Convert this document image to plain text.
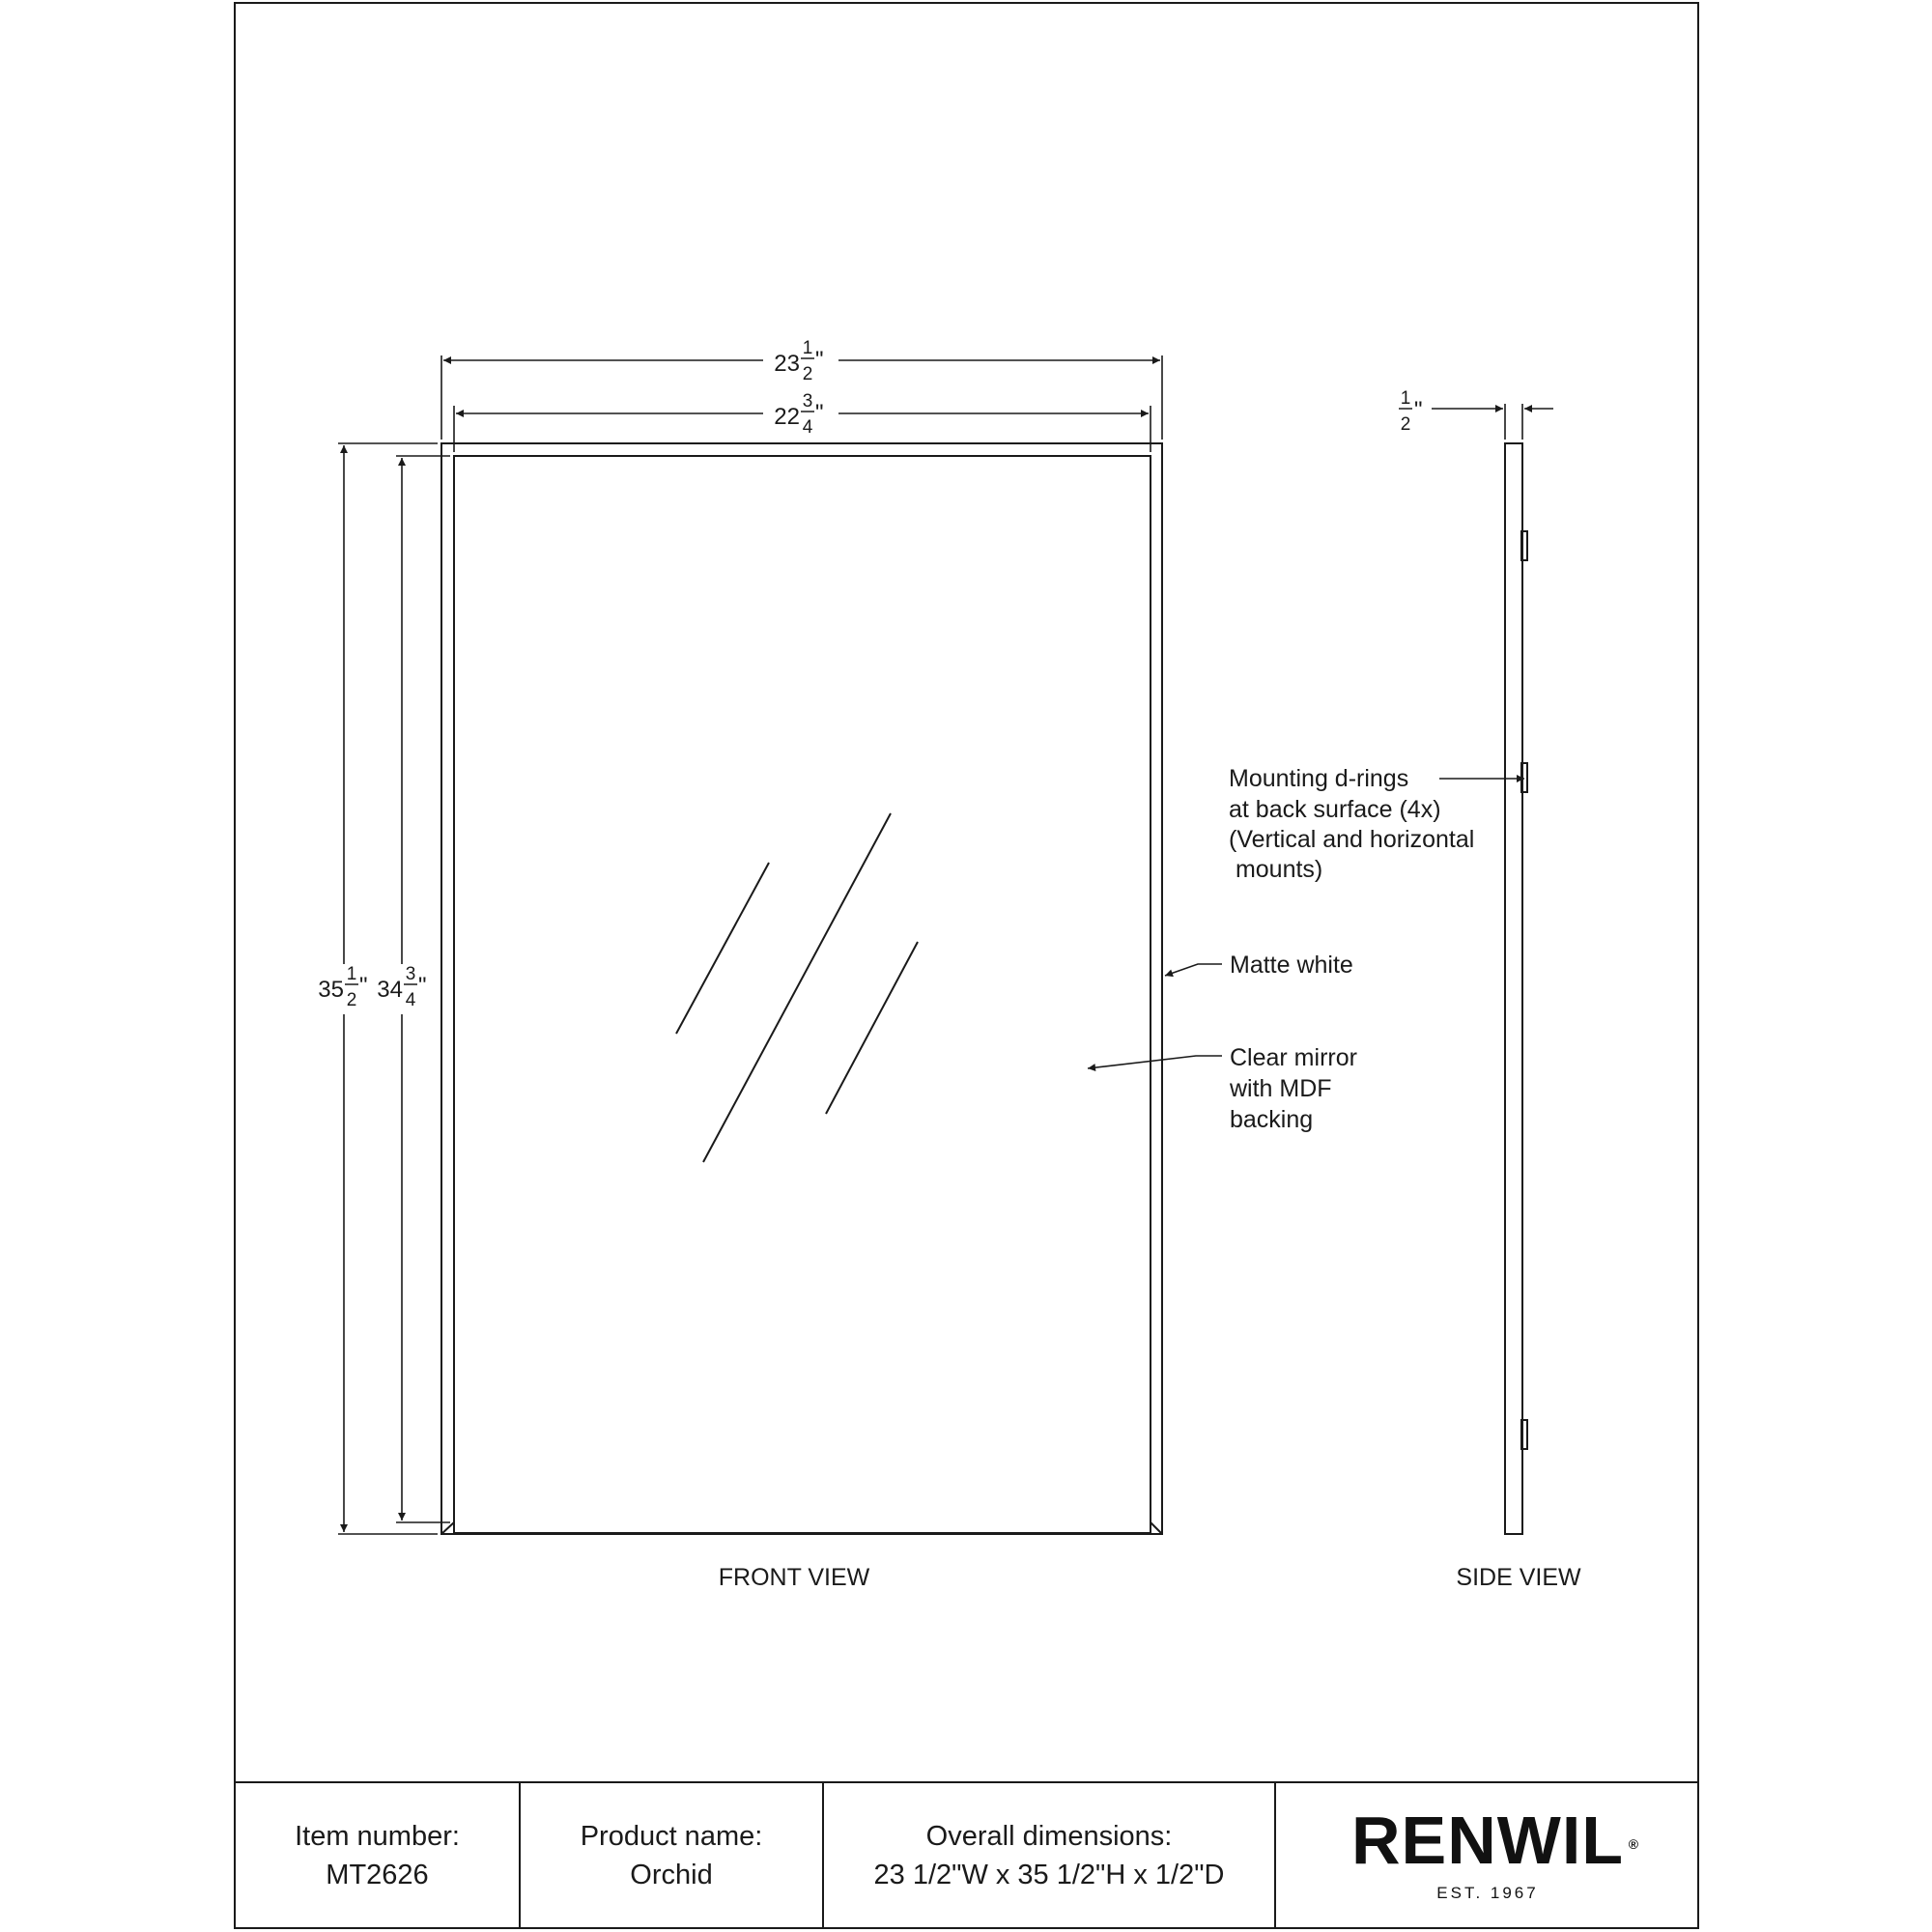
23
1
2
"
22
3
4
"
35
1
2
" 34
3
4
"
1
2
"
Mounting d-rings
at back surface (4x)
(Vertical and horizontal
mounts)
Matte white
Clear mirror
with MDF
backing
FRONT VIEW	SIDE VIEW
Item number:
MT2626
Product name:
Orchid
Overall dimensions:
23 1/2"W x 35 1/2"H x 1/2"D RENWIL ®
EST. 1967
